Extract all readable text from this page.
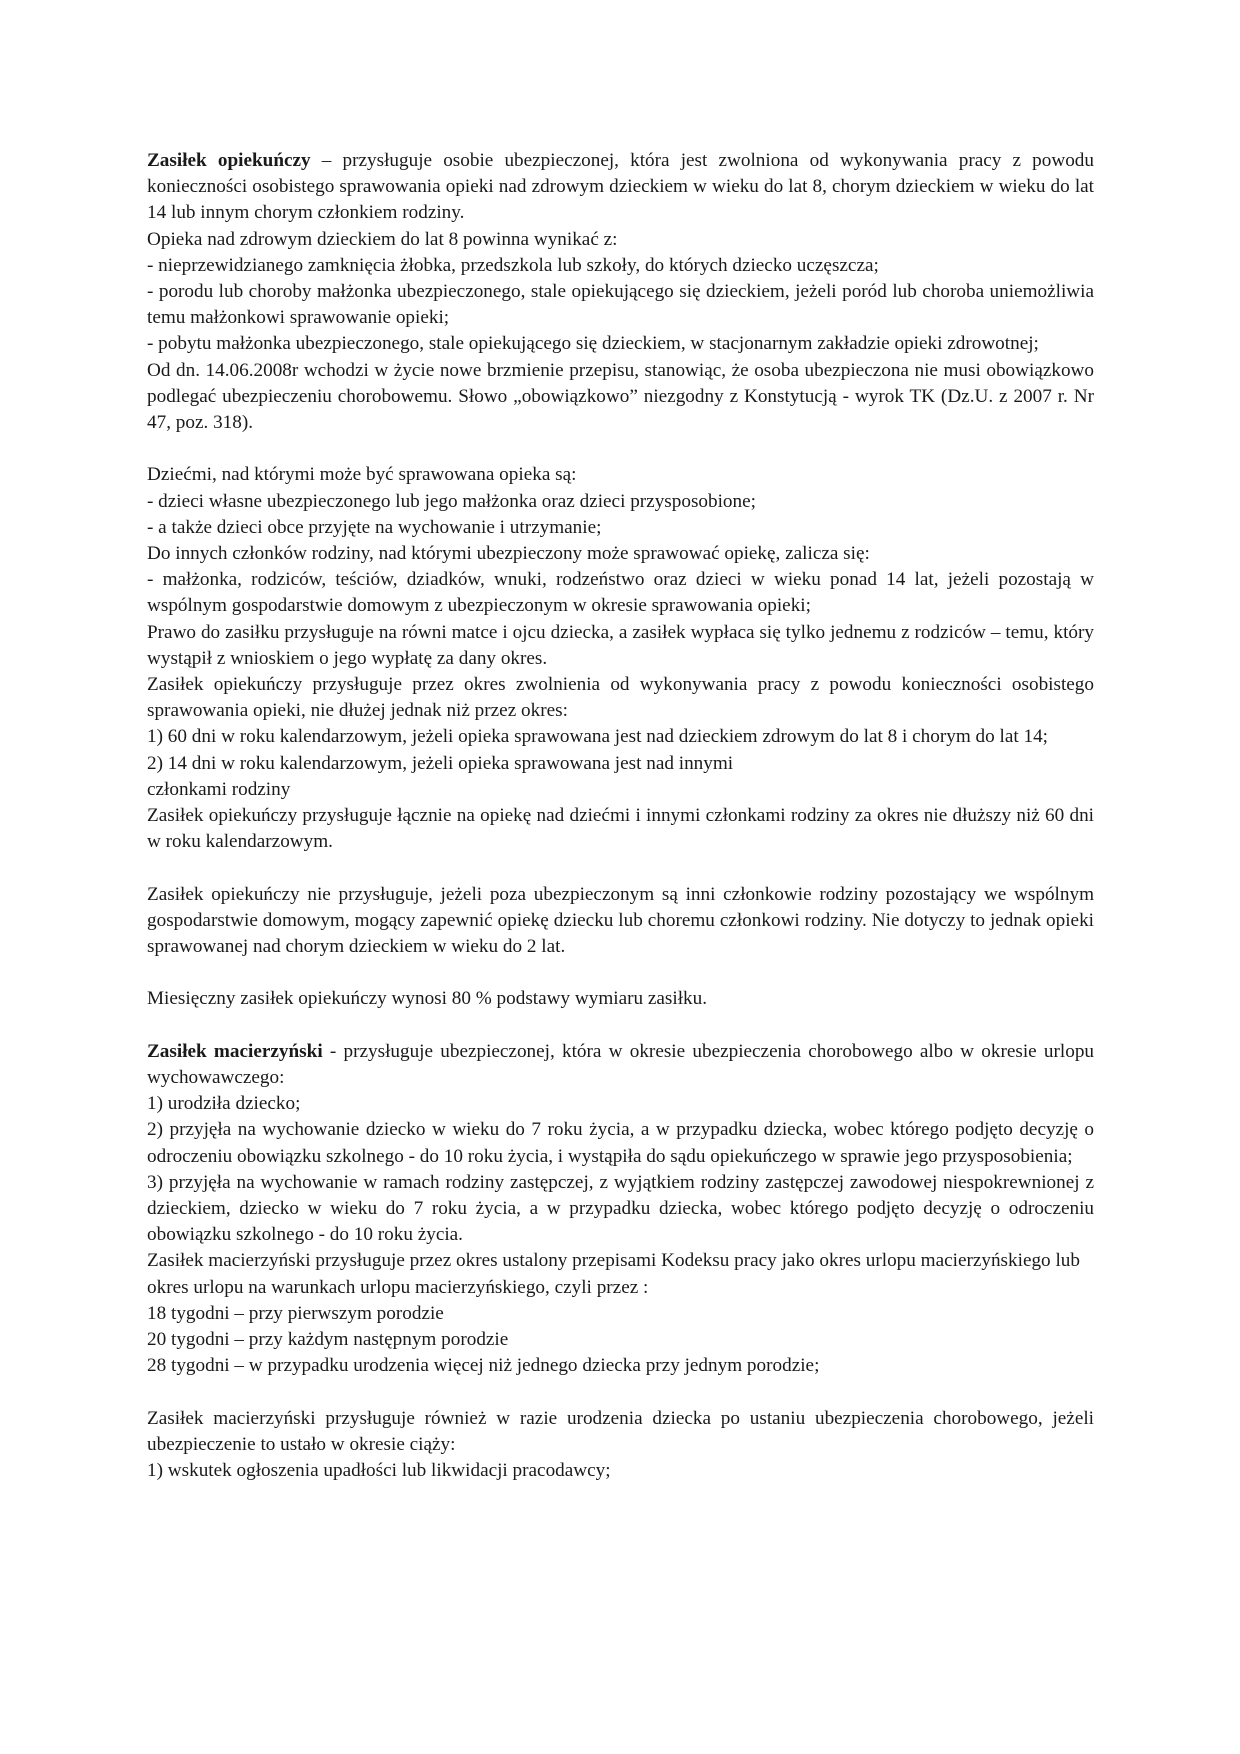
Zasiłek opiekuńczy – przysługuje osobie ubezpieczonej, która jest zwolniona od wykonywania pracy z powodu konieczności osobistego sprawowania opieki nad zdrowym dzieckiem w wieku do lat 8, chorym dzieckiem w wieku do lat 14 lub innym chorym członkiem rodziny.

Opieka nad zdrowym dzieckiem do lat 8 powinna wynikać z:

- nieprzewidzianego zamknięcia żłobka, przedszkola lub szkoły, do których dziecko uczęszcza;

- porodu lub choroby małżonka ubezpieczonego, stale opiekującego się dzieckiem, jeżeli poród lub choroba uniemożliwia temu małżonkowi sprawowanie opieki;

- pobytu małżonka ubezpieczonego, stale opiekującego się dzieckiem, w stacjonarnym zakładzie opieki zdrowotnej;

Od dn. 14.06.2008r wchodzi w życie nowe brzmienie przepisu, stanowiąc, że osoba ubezpieczona nie musi obowiązkowo podlegać ubezpieczeniu chorobowemu. Słowo „obowiązkowo” niezgodny z Konstytucją - wyrok TK (Dz.U. z 2007 r. Nr 47, poz. 318).

Dziećmi, nad którymi może być sprawowana opieka są:

- dzieci własne ubezpieczonego lub jego małżonka oraz dzieci przysposobione;

- a także dzieci obce przyjęte na wychowanie i utrzymanie;

Do innych członków rodziny, nad którymi ubezpieczony może sprawować opiekę, zalicza się:

- małżonka, rodziców, teściów, dziadków, wnuki, rodzeństwo oraz dzieci w wieku ponad 14 lat, jeżeli pozostają w wspólnym gospodarstwie domowym z ubezpieczonym w okresie sprawowania opieki;

Prawo do zasiłku przysługuje na równi matce i ojcu dziecka, a zasiłek wypłaca się tylko jednemu z rodziców – temu, który wystąpił z wnioskiem o jego wypłatę za dany okres.

Zasiłek opiekuńczy przysługuje przez okres zwolnienia od wykonywania pracy z powodu konieczności osobistego sprawowania opieki, nie dłużej jednak niż przez okres:

1) 60 dni w roku kalendarzowym, jeżeli opieka sprawowana jest nad dzieckiem zdrowym do lat 8 i chorym do lat 14;

2) 14 dni w roku kalendarzowym, jeżeli opieka sprawowana jest nad innymi

członkami rodziny

Zasiłek opiekuńczy przysługuje łącznie na opiekę nad dziećmi i innymi członkami rodziny za okres nie dłuższy niż 60 dni w roku kalendarzowym.

Zasiłek opiekuńczy nie przysługuje, jeżeli poza ubezpieczonym są inni członkowie rodziny pozostający we wspólnym gospodarstwie domowym, mogący zapewnić opiekę dziecku lub choremu członkowi rodziny. Nie dotyczy to jednak opieki sprawowanej nad chorym dzieckiem w wieku do 2 lat.

Miesięczny zasiłek opiekuńczy wynosi 80 % podstawy wymiaru zasiłku.

Zasiłek macierzyński - przysługuje ubezpieczonej, która w okresie ubezpieczenia chorobowego albo w okresie urlopu wychowawczego:

1) urodziła dziecko;

2) przyjęła na wychowanie dziecko w wieku do 7 roku życia, a w przypadku dziecka, wobec którego podjęto decyzję o odroczeniu obowiązku szkolnego - do 10 roku życia, i wystąpiła do sądu opiekuńczego w sprawie jego przysposobienia;

3) przyjęła na wychowanie w ramach rodziny zastępczej, z wyjątkiem rodziny zastępczej zawodowej niespokrewnionej z dzieckiem, dziecko w wieku do 7 roku życia, a w przypadku dziecka, wobec którego podjęto decyzję o odroczeniu obowiązku szkolnego - do 10 roku życia.

Zasiłek macierzyński przysługuje przez okres ustalony przepisami Kodeksu pracy jako okres urlopu macierzyńskiego lub okres urlopu na warunkach urlopu macierzyńskiego, czyli przez :

18 tygodni – przy pierwszym porodzie

20 tygodni – przy każdym następnym porodzie

28 tygodni – w przypadku urodzenia więcej niż jednego dziecka przy jednym porodzie;

Zasiłek macierzyński przysługuje również w razie urodzenia dziecka po ustaniu ubezpieczenia chorobowego, jeżeli ubezpieczenie to ustało w okresie ciąży:

1) wskutek ogłoszenia upadłości lub likwidacji pracodawcy;
